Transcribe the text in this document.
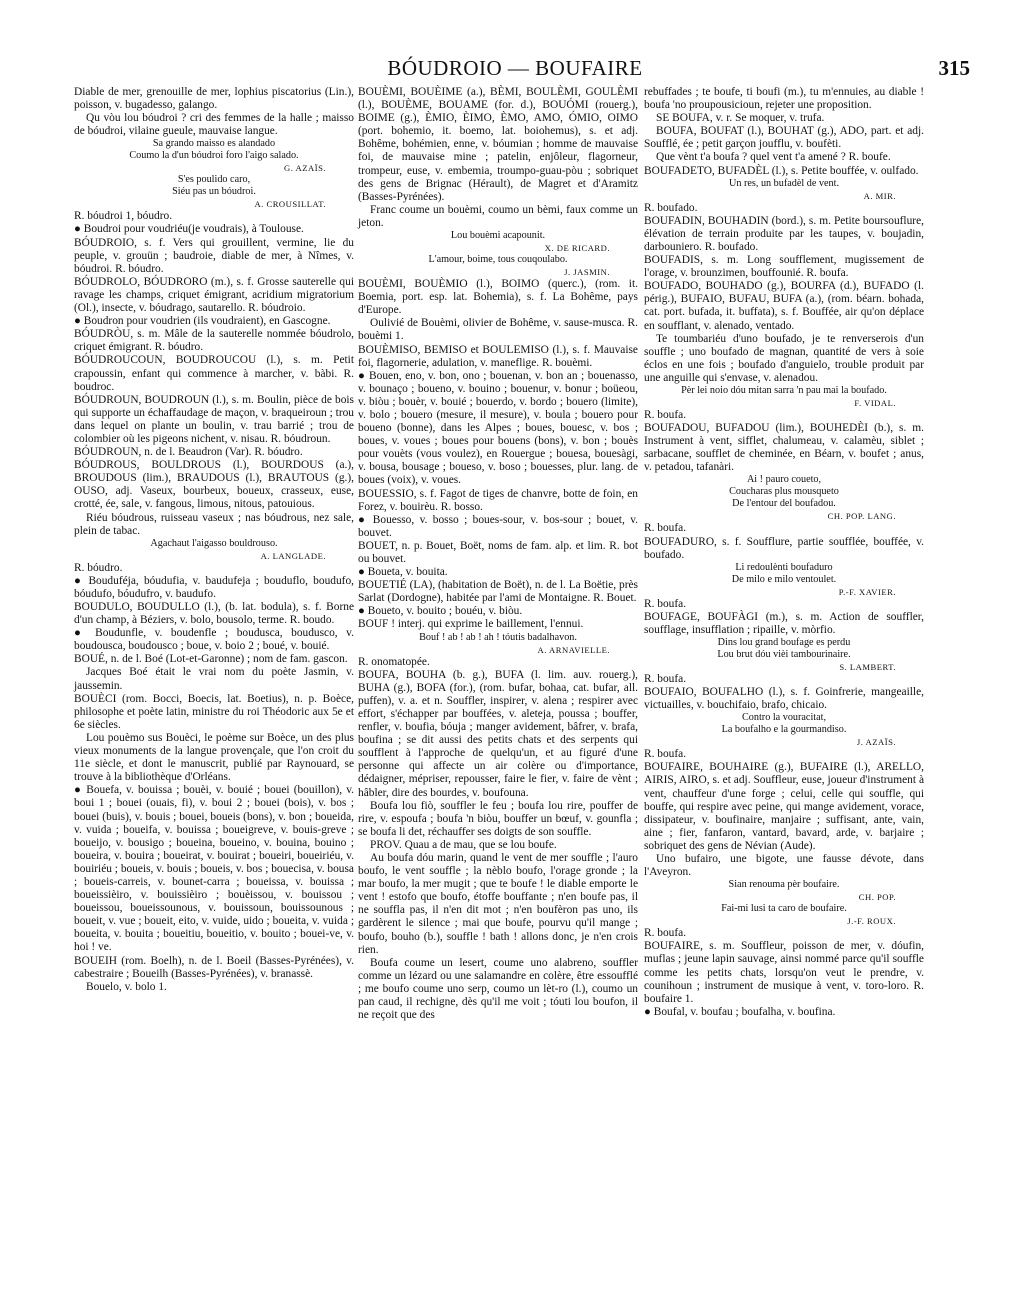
BÓUDROIO — BOUFAIRE	315

Diable de mer, grenouille de mer, lophius piscatorius (Lin.), poisson, v. bugadesso, galango.

Qu vòu lou bóudroi ? cri des femmes de la halle ; maisso de bóudroi, vilaine gueule, mauvaise langue.

Sa grando maisso es alandado

Coumo la d'un bóudroi foro l'aigo salado.

G. AZAÏS.

S'es poulido caro,

Siéu pas un bóudroi.

A. CROUSILLAT.

R. bóudroi 1, bóudro.

● Boudroi pour voudriéu(je voudrais), à Toulouse.

BÓUDROIO, s. f. Vers qui grouillent, vermine, lie du peuple, v. grouün ; baudroie, diable de mer, à Nîmes, v. bóudroi. R. bóudro.

BÓUDROLO, BÓUDRORO (m.), s. f. Grosse sauterelle qui ravage les champs, criquet émigrant, acridium migratorium (Ol.), insecte, v. bóudrago, sautarello. R. bóudroio.

● Boudron pour voudrien (ils voudraient), en Gascogne.

BÓUDRÒU, s. m. Mâle de la sauterelle nommée bóudrolo, criquet émigrant. R. bóudro.

BÓUDROUCOUN, BOUDROUCOU (l.), s. m. Petit crapoussin, enfant qui commence à marcher, v. bàbi. R. boudroc.

BÓUDROUN, BOUDROUN (l.), s. m. Boulin, pièce de bois qui supporte un échaffaudage de maçon, v. braqueiroun ; trou dans lequel on plante un boulin, v. trau barrié ; trou de colombier où les pigeons nichent, v. nisau. R. bóudroun.

BÓUDROUN, n. de l. Beaudron (Var). R. bóudro.

BÓUDROUS, BOULDROUS (l.), BOURDOUS (a.), BROUDOUS (lim.), BRAUDOUS (l.), BRAUTOUS (g.), OUSO, adj. Vaseux, bourbeux, boueux, crasseux, euse, crotté, ée, sale, v. fangous, limous, nitous, patouious.

Riéu bóudrous, ruisseau vaseux ; nas bóudrous, nez sale, plein de tabac.

Agachaut l'aigasso bouldrouso.

A. LANGLADE.

R. bóudro.

● Bouduféja, bóudufia, v. baudufeja ; bouduflo, boudufo, bóudufo, bóudufro, v. baudufo.

BOUDULO, BOUDULLO (l.), (b. lat. bodula), s. f. Borne d'un champ, à Béziers, v. bolo, bousolo, terme. R. boudo.

● Boudunfle, v. boudenfle ; boudusca, boudusco, v. boudousca, boudousco ; boue, v. boio 2 ; boué, v. bouié.

BOUÉ, n. de l. Boé (Lot-et-Garonne) ; nom de fam. gascon.

Jacques Boé était le vrai nom du poète Jasmin, v. jaussemin.

BOUÈCI (rom. Bocci, Boecis, lat. Boetius), n. p. Boèce, philosophe et poète latin, ministre du roi Théodoric aux 5e et 6e siècles.

Lou pouèmo sus Bouèci, le poème sur Boèce, un des plus vieux monuments de la langue provençale, que l'on croit du 11e siècle, et dont le manuscrit, publié par Raynouard, se trouve à la bibliothèque d'Orléans.

● Bouefa, v. bouissa ; bouèi, v. bouié ; bouei (bouillon), v. boui 1 ; bouei (ouais, fi), v. boui 2 ; bouei (bois), v. bos ; bouei (buis), v. bouis ; bouei, boueis (bons), v. bon ; boueida, v. vuida ; boueifa, v. bouissa ; boueigreve, v. bouis-greve ; boueijo, v. bousigo ; boueina, boueino, v. bouina, bouino ; boueira, v. bouira ; boueirat, v. bouirat ; boueiri, boueiriéu, v. bouiriéu ; boueis, v. bouis ; boueis, v. bos ; bouecisa, v. bousa ; boueis-carreis, v. bounet-carra ; boueissa, v. bouissa ; boueissièiro, v. bouissièiro ; bouèissou, v. bouissou ; boueissou, boueissounous, v. bouissoun, bouissounous ; boueit, v. vue ; boueit, eito, v. vuide, uido ; boueita, v. vuida ; boueita, v. bouita ; boueitiu, boueitio, v. bouito ; bouei-ve, v. hoi ! ve.

BOUEIH (rom. Boelh), n. de l. Boeil (Basses-Pyrénées), v. cabestraire ; Boueilh (Basses-Pyrénées), v. branassè.

Bouelo, v. bolo 1.

BOUÈMI, BOUÈIME (a.), BÈMI, BOULÈMI, GOULÈMI (l.), BOUÈME, BOUAME (for. d.), BOUÓMI (rouerg.), BOIME (g.), ÈMIO, ÈIMO, ÈMO, AMO, ÓMIO, OIMO (port. bohemio, it. boemo, lat. boiohemus), s. et adj. Bohême, bohémien, enne, v. bóumian ; homme de mauvaise foi, de mauvaise mine ; patelin, enjôleur, flagorneur, trompeur, euse, v. embemia, troumpo-guau-pòu ; sobriquet des gens de Brignac (Hérault), de Magret et d'Aramitz (Basses-Pyrénées).

Franc coume un bouèmi, coumo un bèmi, faux comme un jeton.

Lou bouèmi acapounit.

X. DE RICARD.

L'amour, boime, tous couqoulabo.

J. JASMIN.

BOUÈMI, BOUÈMIO (l.), BOIMO (querc.), (rom. it. Boemia, port. esp. lat. Bohemia), s. f. La Bohême, pays d'Europe.

Oulivié de Bouèmi, olivier de Bohême, v. sause-musca. R. bouèmi 1.

BOUÈMISO, BEMISO et BOULEMISO (l.), s. f. Mauvaise foi, flagornerie, adulation, v. maneflige. R. bouèmi.

● Bouen, eno, v. bon, ono ; bouenan, v. bon an ; bouenasso, v. bounaço ; boueno, v. bouino ; bouenur, v. bonur ; boüeou, v. biòu ; bouèr, v. bouié ; bouerdo, v. bordo ; bouero (limite), v. bolo ; bouero (mesure, il mesure), v. boula ; bouero pour boueno (bonne), dans les Alpes ; boues, bouesc, v. bos ; boues, v. voues ; boues pour bouens (bons), v. bon ; bouès pour vouèts (vous voulez), en Rouergue ; bouesa, bouesàgi, v. bousa, bousage ; boueso, v. boso ; bouesses, plur. lang. de boues (voix), v. voues.

BOUESSIO, s. f. Fagot de tiges de chanvre, botte de foin, en Forez, v. bouirèu. R. bosso.

● Bouesso, v. bosso ; boues-sour, v. bos-sour ; bouet, v. bouvet.

BOUET, n. p. Bouet, Boët, noms de fam. alp. et lim. R. bot ou bouvet.

● Boueta, v. bouita.

BOUETIÉ (LA), (habitation de Boët), n. de l. La Boëtie, près Sarlat (Dordogne), habitée par l'ami de Montaigne. R. Bouet.

● Boueto, v. bouito ; bouéu, v. biòu.

BOUF ! interj. qui exprime le baillement, l'ennui.

Bouf ! ab ! ab ! ah ! tóutis badalhavon.

A. ARNAVIELLE.

R. onomatopée.

BOUFA, BOUHA (b. g.), BUFA (l. lim. auv. rouerg.), BUHA (g.), BOFA (for.), (rom. bufar, bohaa, cat. bufar, all. puffen), v. a. et n. Souffler, inspirer, v. alena ; respirer avec effort, s'échapper par bouffées, v. aleteja, poussa ; bouffer, renfler, v. boufia, bóuja ; manger avidement, bâfrer, v. brafa, boufina ; se dit aussi des petits chats et des serpents qui soufflent à l'approche de quelqu'un, et au figuré d'une personne qui affecte un air colère ou d'importance, dédaigner, mépriser, repousser, faire le fier, v. faire de vènt ; hâbler, dire des bourdes, v. boufouna.

Boufa lou fiò, souffler le feu ; boufa lou rire, pouffer de rire, v. espoufa ; boufa 'n biòu, bouffer un bœuf, v. gounfla ; se boufa li det, réchauffer ses doigts de son souffle.

PROV. Quau a de mau, que se lou boufe.

Au boufa dóu marin, quand le vent de mer souffle ; l'auro boufo, le vent souffle ; la nèblo boufo, l'orage gronde ; la mar boufo, la mer mugit ; que te boufe ! le diable emporte le vent ! estofo que boufo, étoffe bouffante ; n'en boufe pas, il ne souffla pas, il n'en dit mot ; n'en boufèron pas uno, ils gardèrent le silence ; mai que boufe, pourvu qu'il mange ; boufo, bouho (b.), souffle ! bath ! allons donc, je n'en crois rien.

Boufa coume un lesert, coume uno alabreno, souffler comme un lézard ou une salamandre en colère, être essoufflé ; me boufo coume uno serp, coumo un lèt-ro (l.), coumo un pan caud, il rechigne, dès qu'il me voit ; tóuti lou boufon, il ne reçoit que des

rebuffades ; te boufe, ti boufi (m.), tu m'ennuies, au diable ! boufa 'no proupousicioun, rejeter une proposition.

SE BOUFA, v. r. Se moquer, v. trufa.

BOUFA, BOUFAT (l.), BOUHAT (g.), ADO, part. et adj. Soufflé, ée ; petit garçon joufflu, v. boufèti.

Que vènt t'a boufa ? quel vent t'a amené ? R. boufe.

BOUFADETO, BUFADÈL (l.), s. Petite bouffée, v. oulfado.

Un res, un bufadèl de vent.

A. MIR.

R. boufado.

BOUFADIN, BOUHADIN (bord.), s. m. Petite boursouflure, élévation de terrain produite par les taupes, v. boujadin, darbouniero. R. boufado.

BOUFADIS, s. m. Long soufflement, mugissement de l'orage, v. brounzimen, bouffounié. R. boufa.

BOUFADO, BOUHADO (g.), BOURFA (d.), BUFADO (l. périg.), BUFAIO, BUFAU, BUFA (a.), (rom. béarn. bohada, cat. port. bufada, it. buffata), s. f. Bouffée, air qu'on déplace en soufflant, v. alenado, ventado.

Te toumbariéu d'uno boufado, je te renverserois d'un souffle ; uno boufado de magnan, quantité de vers à soie éclos en une fois ; boufado d'anguielo, trouble produit par une anguille qui s'envase, v. alenadou.

Pèr lei noio dóu mitan sarra 'n pau mai la boufado.

F. VIDAL.

R. boufa.

BOUFADOU, BUFADOU (lim.), BOUHEDÈI (b.), s. m. Instrument à vent, sifflet, chalumeau, v. calamèu, siblet ; sarbacane, soufflet de cheminée, en Béarn, v. boufet ; anus, v. petadou, tafanàri.

Ai ! pauro coueto,

Coucharas plus mousqueto

De l'entour del boufadou.

CH. POP. LANG.

R. boufa.

BOUFADURO, s. f. Soufflure, partie soufflée, bouffée, v. boufado.

Li redoulènti boufaduro

De milo e milo ventoulet.

P.-F. XAVIER.

R. boufa.

BOUFAGE, BOUFÀGI (m.), s. m. Action de souffler, soufflage, insufflation ; ripaille, v. mòrfio.

Dins lou grand boufage es perdu

Lou brut dóu vièi tambourinaire.

S. LAMBERT.

R. boufa.

BOUFAIO, BOUFALHO (l.), s. f. Goinfrerie, mangeaille, victuailles, v. bouchifaio, brafo, chicaio.

Contro la vouracitat,

La boufalho e la gourmandiso.

J. AZAÏS.

R. boufa.

BOUFAIRE, BOUHAIRE (g.), BUFAIRE (l.), ARELLO, AIRIS, AIRO, s. et adj. Souffleur, euse, joueur d'instrument à vent, chauffeur d'une forge ; celui, celle qui souffle, qui bouffe, qui respire avec peine, qui mange avidement, vorace, dissipateur, v. boufinaire, manjaire ; suffisant, ante, vain, aine ; fier, fanfaron, vantard, bavard, arde, v. barjaire ; sobriquet des gens de Névian (Aude).

Uno bufairo, une bigote, une fausse dévote, dans l'Aveyron.

Sian renouma pèr boufaire.

CH. POP.

Fai-mi lusi ta caro de boufaire.

J.-F. ROUX.

R. boufa.

BOUFAIRE, s. m. Souffleur, poisson de mer, v. dóufin, muflas ; jeune lapin sauvage, ainsi nommé parce qu'il souffle comme les petits chats, lorsqu'on veut le prendre, v. counihoun ; instrument de musique à vent, v. toro-loro. R. boufaire 1.

● Boufal, v. boufau ; boufalha, v. boufina.
